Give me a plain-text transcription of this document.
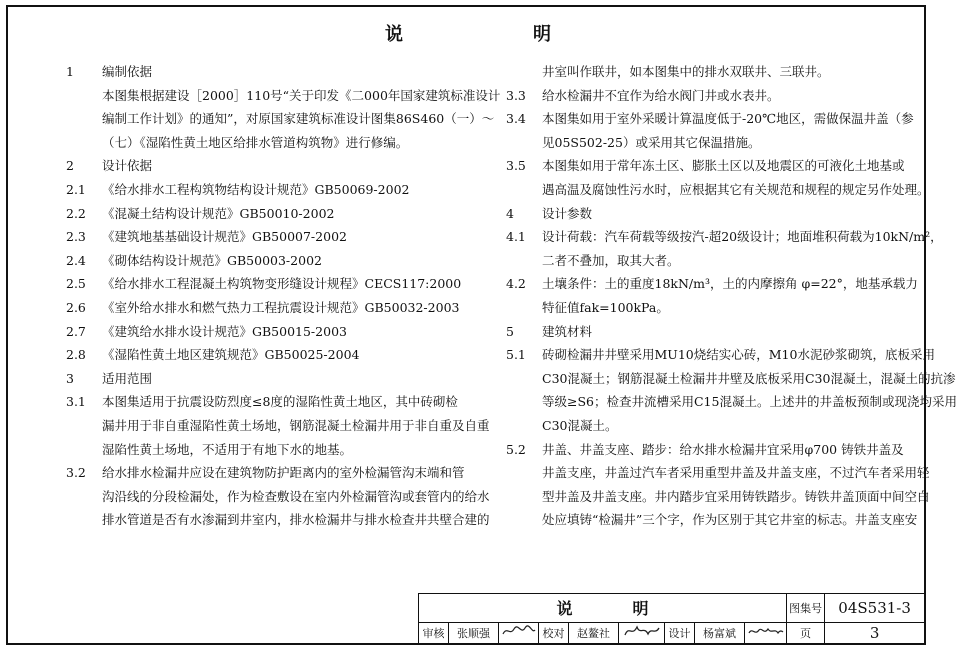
说明
1 编制依据
本图集根据建设［2000］110号“关于印发《二000年国家建筑标准设计
编制工作计划》的通知”，对原国家建筑标准设计图集86S460（一）～
（七）《湿陷性黄土地区给排水管道构筑物》进行修编。
2 设计依据
2.1 《给水排水工程构筑物结构设计规范》GB50069-2002
2.2 《混凝土结构设计规范》GB50010-2002
2.3 《建筑地基基础设计规范》GB50007-2002
2.4 《砌体结构设计规范》GB50003-2002
2.5 《给水排水工程混凝土构筑物变形缝设计规程》CECS117:2000
2.6 《室外给水排水和燃气热力工程抗震设计规范》GB50032-2003
2.7 《建筑给水排水设计规范》GB50015-2003
2.8 《湿陷性黄土地区建筑规范》GB50025-2004
3 适用范围
3.1 本图集适用于抗震设防烈度≤8度的湿陷性黄土地区，其中砖砌检
漏井用于非自重湿陷性黄土场地，钢筋混凝土检漏井用于非自重及自重
湿陷性黄土场地，不适用于有地下水的地基。
3.2 给水排水检漏井应设在建筑物防护距离内的室外检漏管沟末端和管
沟沿线的分段检漏处，作为检查敷设在室内外检漏管沟或套管内的给水
排水管道是否有水渗漏到井室内，排水检漏井与排水检查井共壁合建的
井室叫作联井，如本图集中的排水双联井、三联井。
3.3 给水检漏井不宜作为给水阀门井或水表井。
3.4 本图集如用于室外采暖计算温度低于-20℃地区，需做保温井盖（参
见05S502-25）或采用其它保温措施。
3.5 本图集如用于常年冻土区、膨胀土区以及地震区的可液化土地基或
遇高温及腐蚀性污水时，应根据其它有关规范和规程的规定另作处理。
4 设计参数
4.1 设计荷载：汽车荷载等级按汽-超20级设计；地面堆积荷载为10kN/m²，
二者不叠加，取其大者。
4.2 土壤条件：土的重度18kN/m³，土的内摩擦角 φ=22°，地基承载力
特征值fak=100kPa。
5 建筑材料
5.1 砖砌检漏井井壁采用MU10烧结实心砖，M10水泥砂浆砌筑，底板采用
C30混凝土；钢筋混凝土检漏井井壁及底板采用C30混凝土，混凝土的抗渗
等级≥S6；检查井流槽采用C15混凝土。上述井的井盖板预制或现浇均采用
C30混凝土。
5.2 井盖、井盖支座、踏步：给水排水检漏井宜采用φ700 铸铁井盖及
井盖支座，井盖过汽车者采用重型井盖及井盖支座，不过汽车者采用轻
型井盖及井盖支座。井内踏步宜采用铸铁踏步。铸铁井盖顶面中间空白
处应填铸“检漏井”三个字，作为区别于其它井室的标志。井盖支座安
说明									图集号	04S531-3
审核	张顺强		校对	赵鳌社		设计	杨富斌		页	3
